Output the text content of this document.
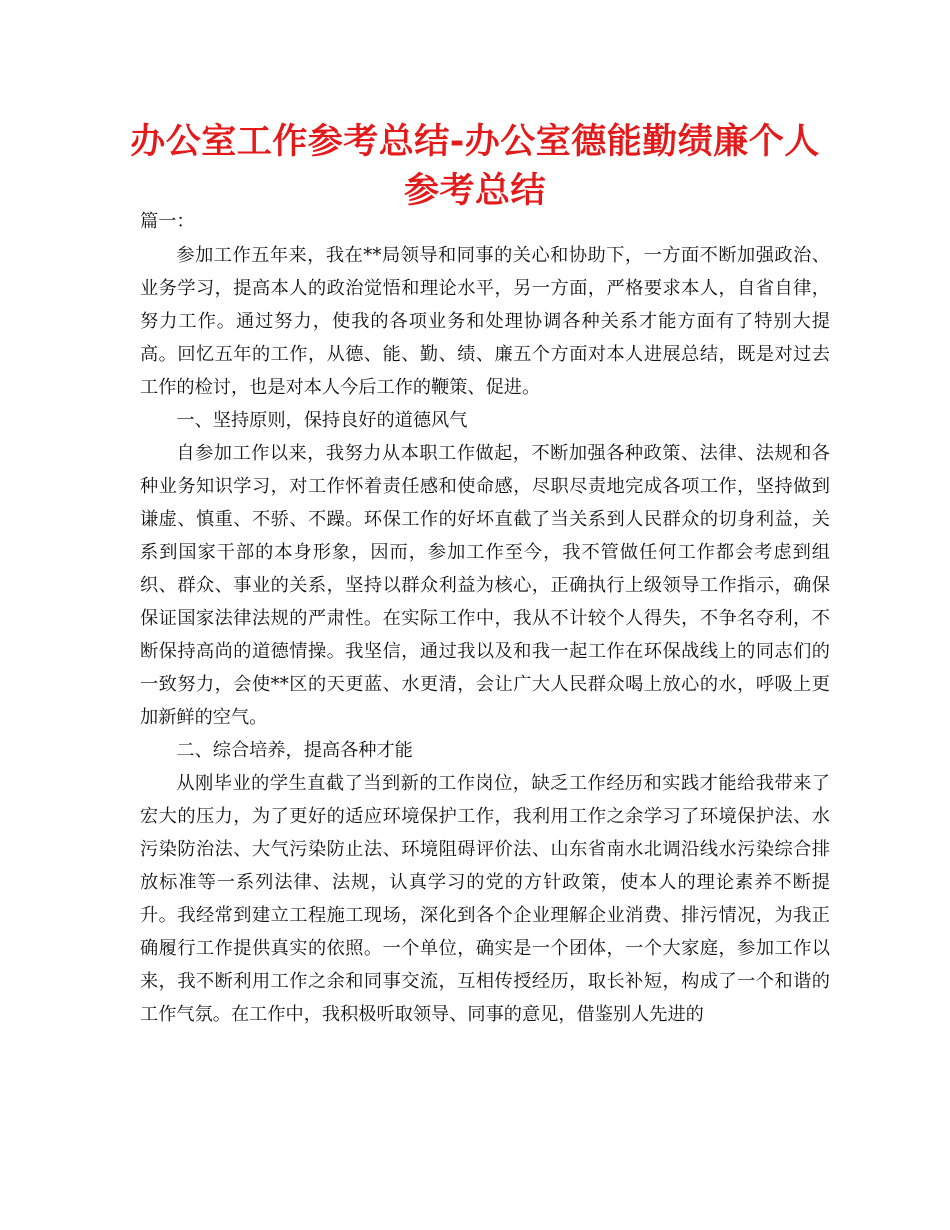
办公室工作参考总结-办公室德能勤绩廉个人参考总结
篇一：

参加工作五年来，我在**局领导和同事的关心和协助下，一方面不断加强政治、业务学习，提高本人的政治觉悟和理论水平，另一方面，严格要求本人，自省自律，努力工作。通过努力，使我的各项业务和处理协调各种关系才能方面有了特别大提高。回忆五年的工作，从德、能、勤、绩、廉五个方面对本人进展总结，既是对过去工作的检讨，也是对本人今后工作的鞭策、促进。

一、坚持原则，保持良好的道德风气

自参加工作以来，我努力从本职工作做起，不断加强各种政策、法律、法规和各种业务知识学习，对工作怀着责任感和使命感，尽职尽责地完成各项工作，坚持做到谦虚、慎重、不骄、不躁。环保工作的好坏直截了当关系到人民群众的切身利益，关系到国家干部的本身形象，因而，参加工作至今，我不管做任何工作都会考虑到组织、群众、事业的关系，坚持以群众利益为核心，正确执行上级领导工作指示，确保保证国家法律法规的严肃性。在实际工作中，我从不计较个人得失，不争名夺利，不断保持高尚的道德情操。我坚信，通过我以及和我一起工作在环保战线上的同志们的一致努力，会使**区的天更蓝、水更清，会让广大人民群众喝上放心的水，呼吸上更加新鲜的空气。

二、综合培养，提高各种才能

从刚毕业的学生直截了当到新的工作岗位，缺乏工作经历和实践才能给我带来了宏大的压力，为了更好的适应环境保护工作，我利用工作之余学习了环境保护法、水污染防治法、大气污染防止法、环境阻碍评价法、山东省南水北调沿线水污染综合排放标准等一系列法律、法规，认真学习的党的方针政策，使本人的理论素养不断提升。我经常到建立工程施工现场，深化到各个企业理解企业消费、排污情况，为我正确履行工作提供真实的依照。一个单位，确实是一个团体，一个大家庭，参加工作以来，我不断利用工作之余和同事交流，互相传授经历，取长补短，构成了一个和谐的工作气氛。在工作中，我积极听取领导、同事的意见，借鉴别人先进的
